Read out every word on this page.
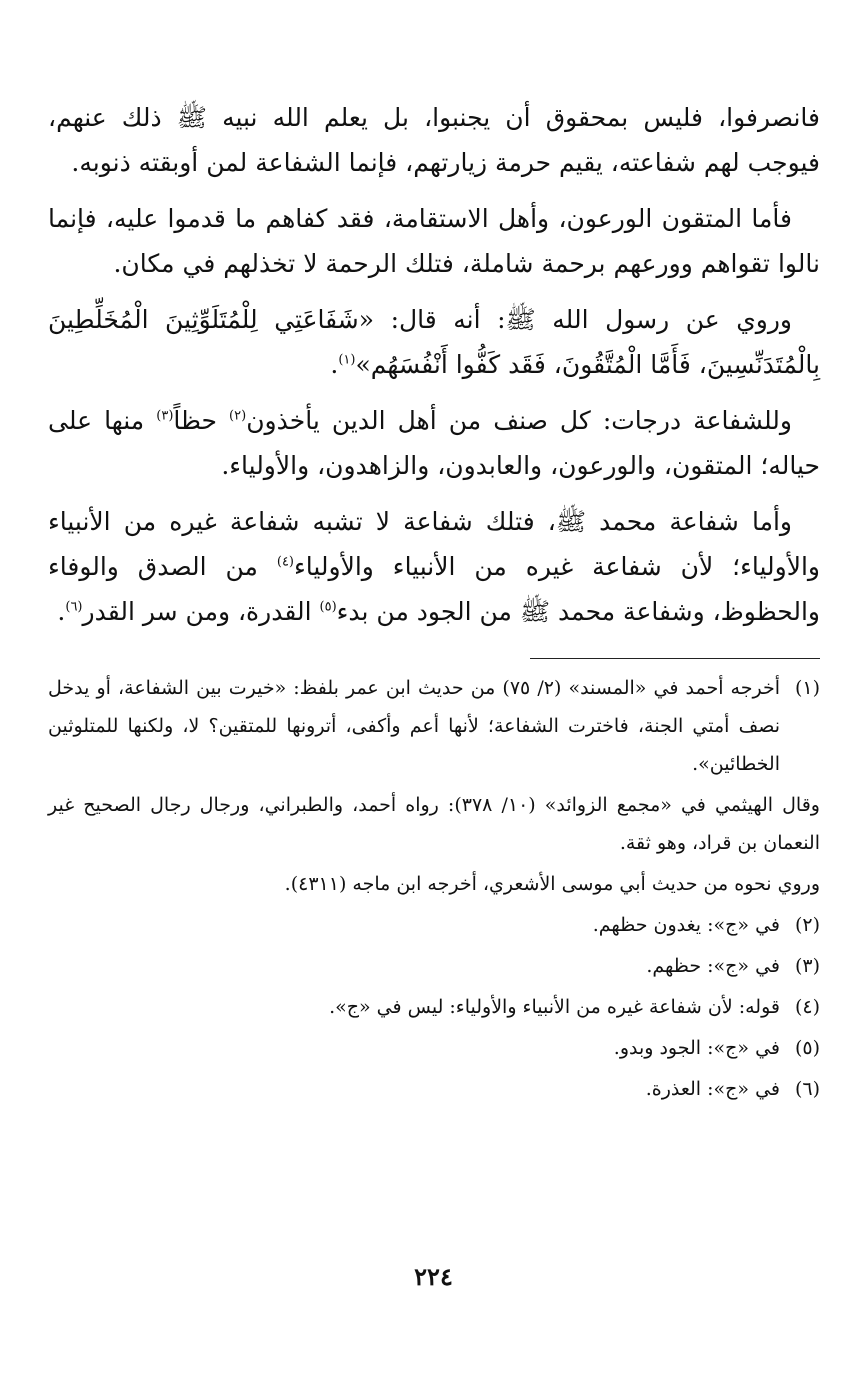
فانصرفوا، فليس بمحقوق أن يجنبوا، بل يعلم الله نبيه ﷺ ذلك عنهم، فيوجب لهم شفاعته، يقيم حرمة زيارتهم، فإنما الشفاعة لمن أوبقته ذنوبه.

فأما المتقون الورعون، وأهل الاستقامة، فقد كفاهم ما قدموا عليه، فإنما نالوا تقواهم وورعهم برحمة شاملة، فتلك الرحمة لا تخذلهم في مكان.

وروي عن رسول الله ﷺ: أنه قال: «شَفَاعَتِي لِلْمُتَلَوِّثِينَ الْمُخَلِّطِينَ بِالْمُتَدَنِّسِينَ، فَأَمَّا الْمُتَّقُونَ، فَقَد كَفُّوا أَنْفُسَهُم»$^{(١)}$.

وللشفاعة درجات: كل صنف من أهل الدين يأخذون$^{(٢)}$ حظاً$^{(٣)}$ منها على حياله؛ المتقون، والورعون، والعابدون، والزاهدون، والأولياء.

وأما شفاعة محمد ﷺ، فتلك شفاعة لا تشبه شفاعة غيره من الأنبياء والأولياء؛ لأن شفاعة غيره من الأنبياء والأولياء$^{(٤)}$ من الصدق والوفاء والحظوظ، وشفاعة محمد ﷺ من الجود من بدء$^{(٥)}$ القدرة، ومن سر القدر$^{(٦)}$.

(١)
أخرجه أحمد في «المسند» (٢/ ٧٥) من حديث ابن عمر بلفظ: «خيرت بين الشفاعة، أو يدخل نصف أمتي الجنة، فاخترت الشفاعة؛ لأنها أعم وأكفى، أترونها للمتقين؟ لا، ولكنها للمتلوثين الخطائين».
وقال الهيثمي في «مجمع الزوائد» (١٠/ ٣٧٨): رواه أحمد، والطبراني، ورجال رجال الصحيح غير النعمان بن قراد، وهو ثقة.
وروي نحوه من حديث أبي موسى الأشعري، أخرجه ابن ماجه (٤٣١١).
(٢)
في «ج»: يغدون حظهم.
(٣)
في «ج»: حظهم.
(٤)
قوله: لأن شفاعة غيره من الأنبياء والأولياء: ليس في «ج».
(٥)
في «ج»: الجود وبدو.
(٦)
في «ج»: العذرة.
٢٢٤
